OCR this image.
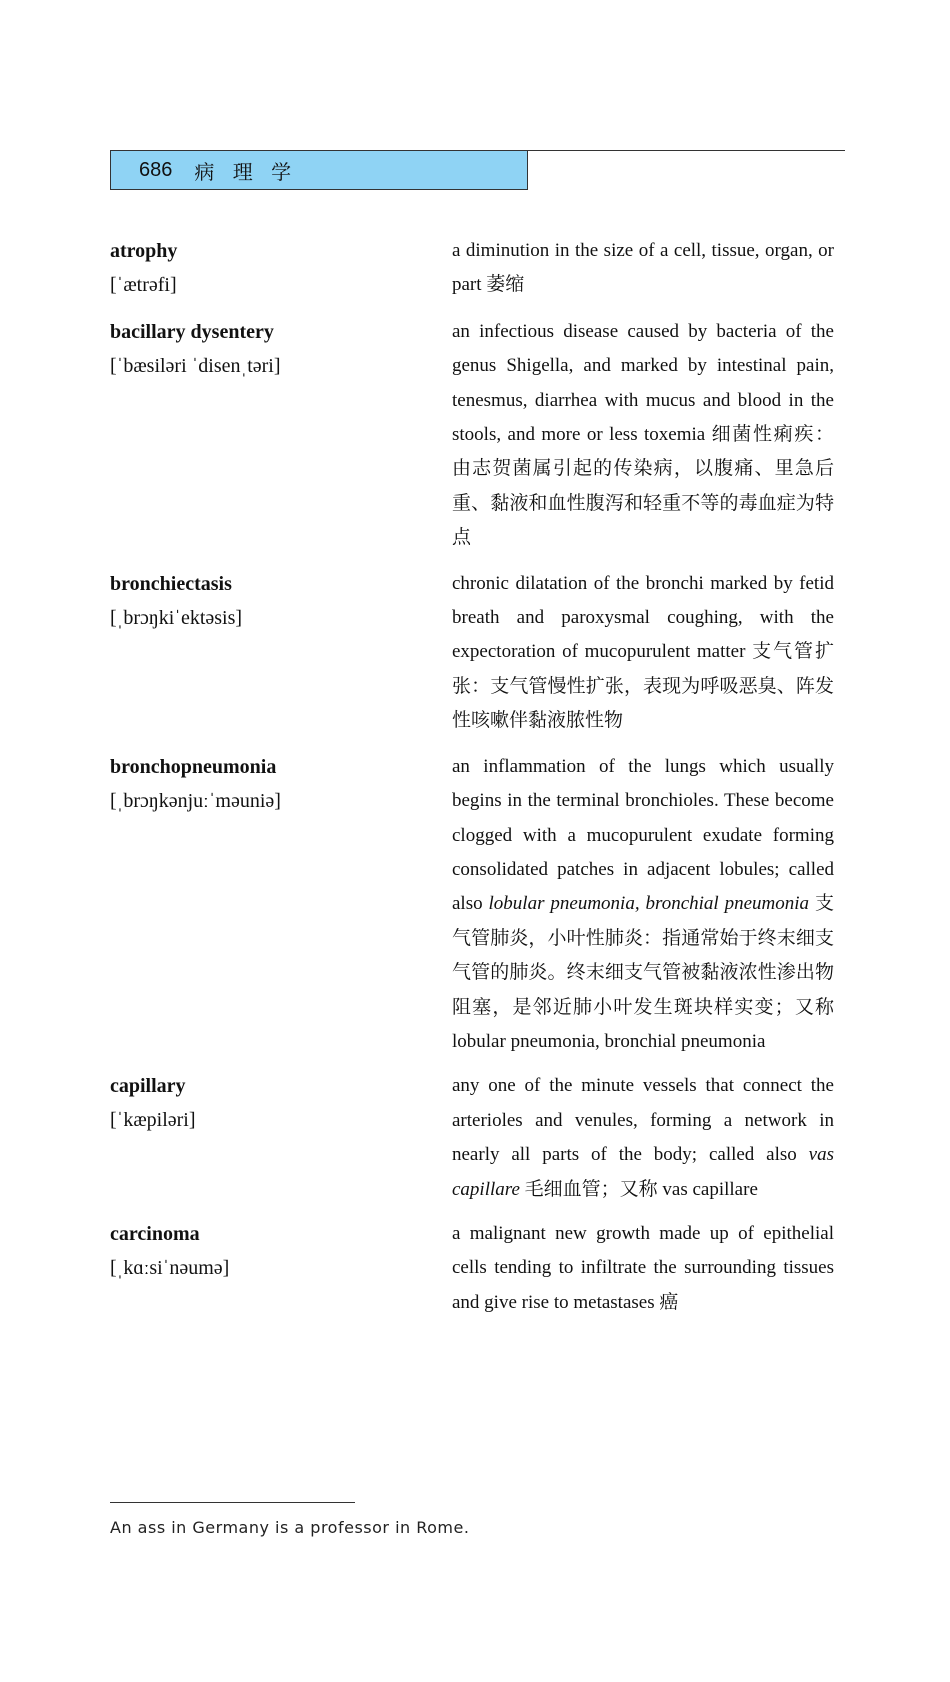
686 病 理 学
atrophy
[ˈætrəfi]

a diminution in the size of a cell, tissue, organ, or part 萎缩

bacillary dysentery
[ˈbæsiləri ˈdisenˌtəri]

an infectious disease caused by bacteria of the genus Shigella, and marked by intestinal pain, tenesmus, diarrhea with mucus and blood in the stools, and more or less toxemia 细菌性痢疾：由志贺菌属引起的传染病，以腹痛、里急后重、黏液和血性腹泻和轻重不等的毒血症为特点

bronchiectasis
[ˌbrɔŋkiˈektəsis]

chronic dilatation of the bronchi marked by fetid breath and paroxysmal coughing, with the expectoration of mucopurulent matter 支气管扩张：支气管慢性扩张，表现为呼吸恶臭、阵发性咳嗽伴黏液脓性物

bronchopneumonia
[ˌbrɔŋkənjuːˈməuniə]

an inflammation of the lungs which usually begins in the terminal bronchioles. These become clogged with a mucopurulent exudate forming consolidated patches in adjacent lobules; called also lobular pneumonia, bronchial pneumonia 支气管肺炎，小叶性肺炎：指通常始于终末细支气管的肺炎。终末细支气管被黏液浓性渗出物阻塞，是邻近肺小叶发生斑块样实变；又称 lobular pneumonia, bronchial pneumonia

capillary
[ˈkæpiləri]

any one of the minute vessels that connect the arterioles and venules, forming a network in nearly all parts of the body; called also vas capillare 毛细血管；又称 vas capillare

carcinoma
[ˌkɑːsiˈnəumə]

a malignant new growth made up of epithelial cells tending to infiltrate the surrounding tissues and give rise to metastases 癌

An ass in Germany is a professor in Rome.
